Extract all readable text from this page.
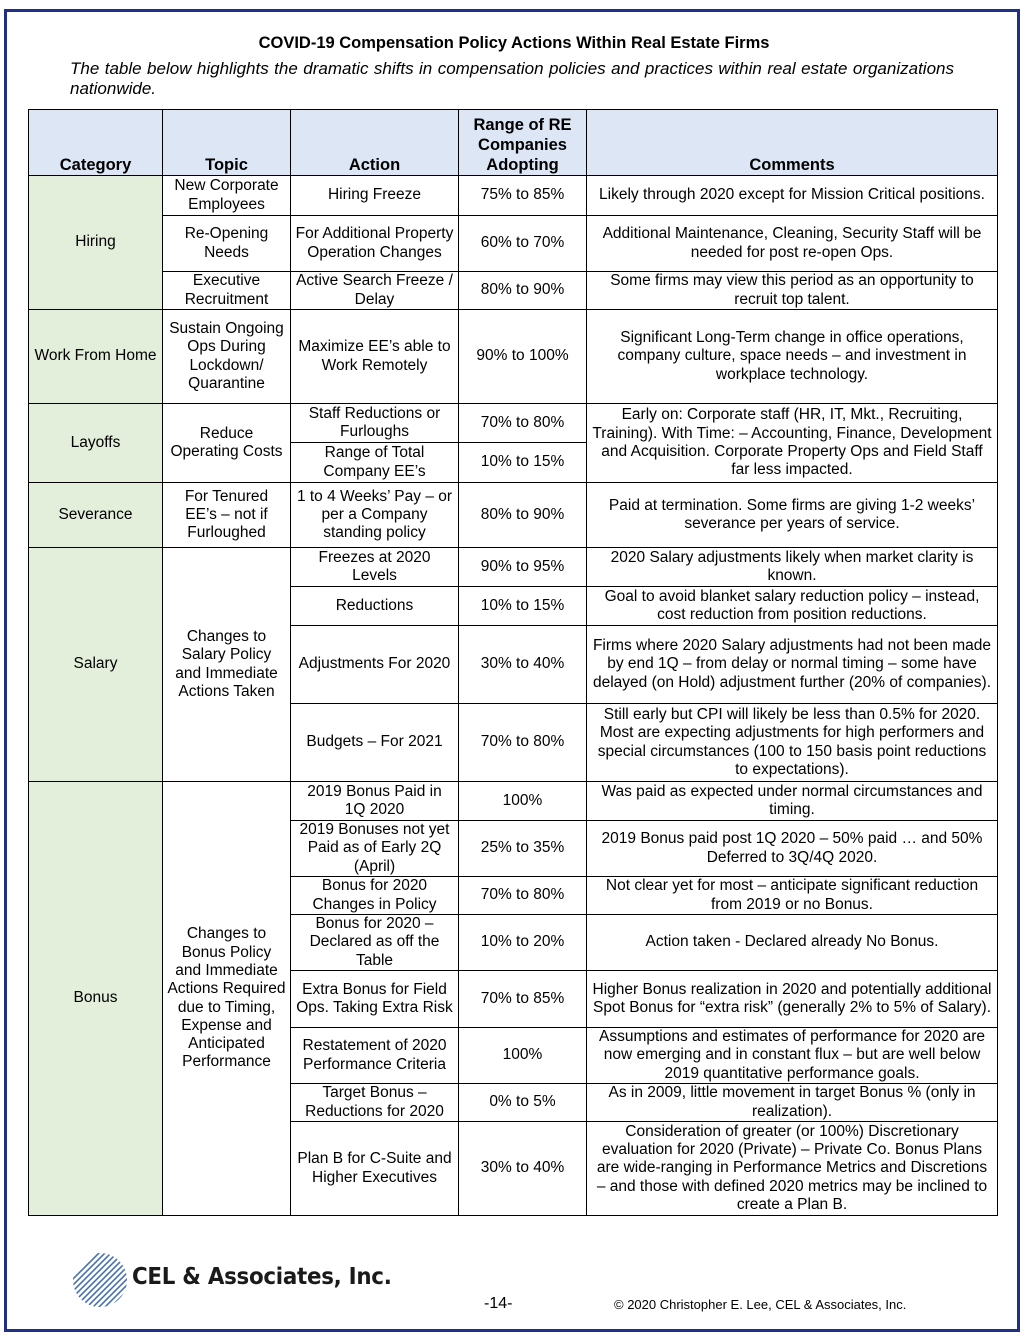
COVID-19 Compensation Policy Actions Within Real Estate Firms
The table below highlights the dramatic shifts in compensation policies and practices within real estate organizations nationwide.
Category	Topic	Action	Range of RE Companies Adopting	Comments
Hiring	New Corporate Employees	Hiring Freeze	75% to 85%	Likely through 2020 except for Mission Critical positions.
	Re-Opening Needs	For Additional Property Operation Changes	60% to 70%	Additional Maintenance, Cleaning, Security Staff will be needed for post re-open Ops.
	Executive Recruitment	Active Search Freeze / Delay	80% to 90%	Some firms may view this period as an opportunity to recruit top talent.
Work From Home	Sustain Ongoing Ops During Lockdown/ Quarantine	Maximize EE’s able to Work Remotely	90% to 100%	Significant Long-Term change in office operations, company culture, space needs – and investment in workplace technology.
Layoffs	Reduce Operating Costs	Staff Reductions or Furloughs	70% to 80%	Early on: Corporate staff (HR, IT, Mkt., Recruiting, Training). With Time: – Accounting, Finance, Development and Acquisition. Corporate Property Ops and Field Staff far less impacted.
		Range of Total Company EE’s	10% to 15%	
Severance	For Tenured EE’s – not if Furloughed	1 to 4 Weeks’ Pay – or per a Company standing policy	80% to 90%	Paid at termination. Some firms are giving 1-2 weeks’ severance per years of service.
Salary	Changes to Salary Policy and Immediate Actions Taken	Freezes at 2020 Levels	90% to 95%	2020 Salary adjustments likely when market clarity is known.
		Reductions	10% to 15%	Goal to avoid blanket salary reduction policy – instead, cost reduction from position reductions.
		Adjustments For 2020	30% to 40%	Firms where 2020 Salary adjustments had not been made by end 1Q – from delay or normal timing – some have delayed (on Hold) adjustment further (20% of companies).
		Budgets – For 2021	70% to 80%	Still early but CPI will likely be less than 0.5% for 2020. Most are expecting adjustments for high performers and special circumstances (100 to 150 basis point reductions to expectations).
Bonus	Changes to Bonus Policy and Immediate Actions Required due to Timing, Expense and Anticipated Performance	2019 Bonus Paid in 1Q 2020	100%	Was paid as expected under normal circumstances and timing.
		2019 Bonuses not yet Paid as of Early 2Q (April)	25% to 35%	2019 Bonus paid post 1Q 2020 – 50% paid … and 50% Deferred to 3Q/4Q 2020.
		Bonus for 2020 Changes in Policy	70% to 80%	Not clear yet for most – anticipate significant reduction from 2019 or no Bonus.
		Bonus for 2020 – Declared as off the Table	10% to 20%	Action taken - Declared already No Bonus.
		Extra Bonus for Field Ops. Taking Extra Risk	70% to 85%	Higher Bonus realization in 2020 and potentially additional Spot Bonus for “extra risk” (generally 2% to 5% of Salary).
		Restatement of 2020 Performance Criteria	100%	Assumptions and estimates of performance for 2020 are now emerging and in constant flux – but are well below 2019 quantitative performance goals.
		Target Bonus – Reductions for 2020	0% to 5%	As in 2009, little movement in target Bonus % (only in realization).
		Plan B for C-Suite and Higher Executives	30% to 40%	Consideration of greater (or 100%) Discretionary evaluation for 2020 (Private) – Private Co. Bonus Plans are wide-ranging in Performance Metrics and Discretions – and those with defined 2020 metrics may be inclined to create a Plan B.
CEL & Associates, Inc.
-14-	© 2020 Christopher E. Lee, CEL & Associates, Inc.
